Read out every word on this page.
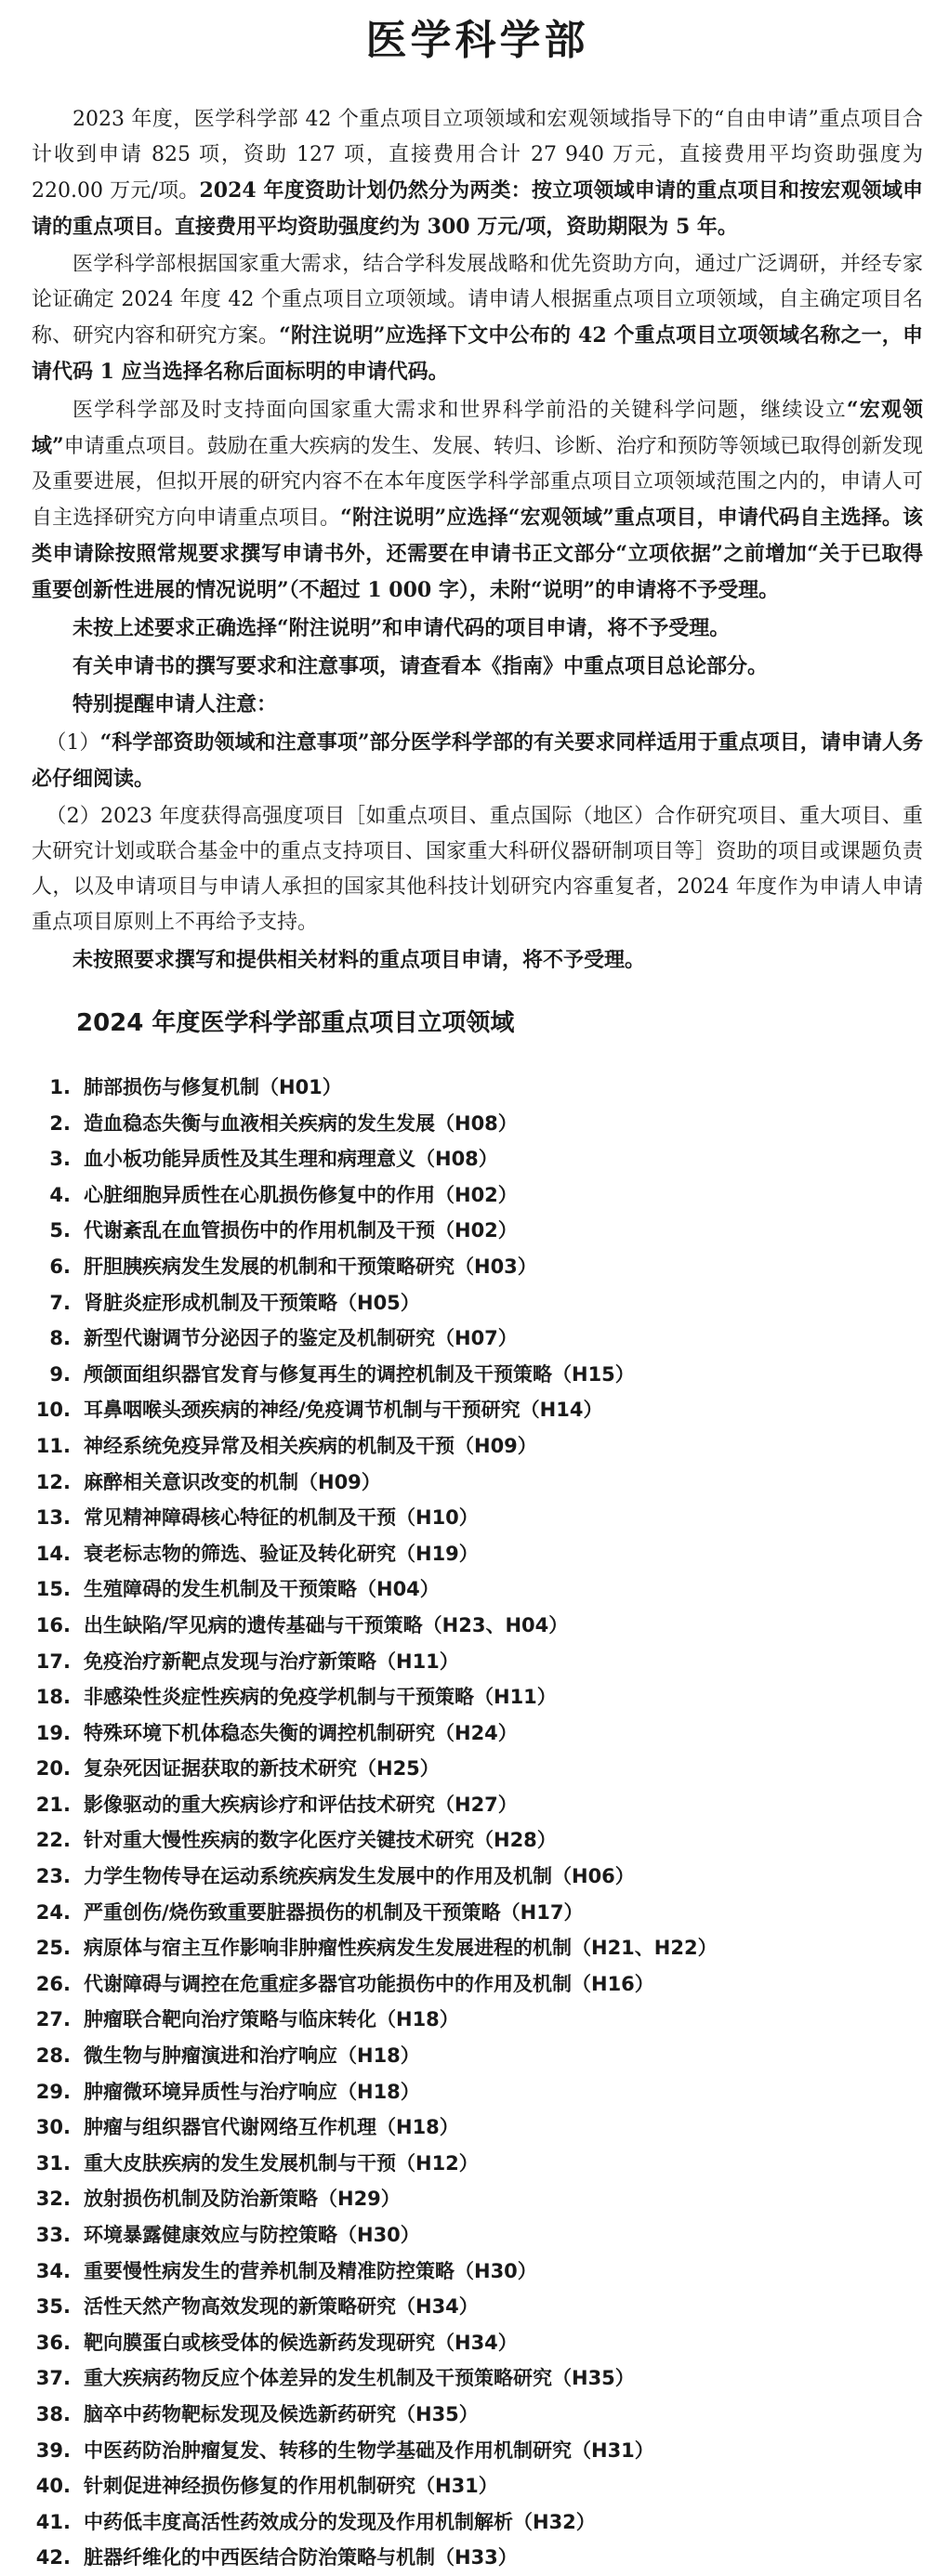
医学科学部

2023 年度，医学科学部 42 个重点项目立项领域和宏观领域指导下的“自由申请”重点项目合计收到申请 825 项，资助 127 项，直接费用合计 27 940 万元，直接费用平均资助强度为 220.00 万元/项。2024 年度资助计划仍然分为两类：按立项领域申请的重点项目和按宏观领域申请的重点项目。直接费用平均资助强度约为 300 万元/项，资助期限为 5 年。

医学科学部根据国家重大需求，结合学科发展战略和优先资助方向，通过广泛调研，并经专家论证确定 2024 年度 42 个重点项目立项领域。请申请人根据重点项目立项领域，自主确定项目名称、研究内容和研究方案。“附注说明”应选择下文中公布的 42 个重点项目立项领域名称之一，申请代码 1 应当选择名称后面标明的申请代码。

医学科学部及时支持面向国家重大需求和世界科学前沿的关键科学问题，继续设立“宏观领域”申请重点项目。鼓励在重大疾病的发生、发展、转归、诊断、治疗和预防等领域已取得创新发现及重要进展，但拟开展的研究内容不在本年度医学科学部重点项目立项领域范围之内的，申请人可自主选择研究方向申请重点项目。“附注说明”应选择“宏观领域”重点项目，申请代码自主选择。该类申请除按照常规要求撰写申请书外，还需要在申请书正文部分“立项依据”之前增加“关于已取得重要创新性进展的情况说明”（不超过 1 000 字），未附“说明”的申请将不予受理。

未按上述要求正确选择“附注说明”和申请代码的项目申请，将不予受理。

有关申请书的撰写要求和注意事项，请查看本《指南》中重点项目总论部分。

特别提醒申请人注意：

（1）“科学部资助领域和注意事项”部分医学科学部的有关要求同样适用于重点项目，请申请人务必仔细阅读。

（2）2023 年度获得高强度项目［如重点项目、重点国际（地区）合作研究项目、重大项目、重大研究计划或联合基金中的重点支持项目、国家重大科研仪器研制项目等］资助的项目或课题负责人，以及申请项目与申请人承担的国家其他科技计划研究内容重复者，2024 年度作为申请人申请重点项目原则上不再给予支持。

未按照要求撰写和提供相关材料的重点项目申请，将不予受理。

2024 年度医学科学部重点项目立项领域
1. 肺部损伤与修复机制（H01）
2. 造血稳态失衡与血液相关疾病的发生发展（H08）
3. 血小板功能异质性及其生理和病理意义（H08）
4. 心脏细胞异质性在心肌损伤修复中的作用（H02）
5. 代谢紊乱在血管损伤中的作用机制及干预（H02）
6. 肝胆胰疾病发生发展的机制和干预策略研究（H03）
7. 肾脏炎症形成机制及干预策略（H05）
8. 新型代谢调节分泌因子的鉴定及机制研究（H07）
9. 颅颌面组织器官发育与修复再生的调控机制及干预策略（H15）
10. 耳鼻咽喉头颈疾病的神经/免疫调节机制与干预研究（H14）
11. 神经系统免疫异常及相关疾病的机制及干预（H09）
12. 麻醉相关意识改变的机制（H09）
13. 常见精神障碍核心特征的机制及干预（H10）
14. 衰老标志物的筛选、验证及转化研究（H19）
15. 生殖障碍的发生机制及干预策略（H04）
16. 出生缺陷/罕见病的遗传基础与干预策略（H23、H04）
17. 免疫治疗新靶点发现与治疗新策略（H11）
18. 非感染性炎症性疾病的免疫学机制与干预策略（H11）
19. 特殊环境下机体稳态失衡的调控机制研究（H24）
20. 复杂死因证据获取的新技术研究（H25）
21. 影像驱动的重大疾病诊疗和评估技术研究（H27）
22. 针对重大慢性疾病的数字化医疗关键技术研究（H28）
23. 力学生物传导在运动系统疾病发生发展中的作用及机制（H06）
24. 严重创伤/烧伤致重要脏器损伤的机制及干预策略（H17）
25. 病原体与宿主互作影响非肿瘤性疾病发生发展进程的机制（H21、H22）
26. 代谢障碍与调控在危重症多器官功能损伤中的作用及机制（H16）
27. 肿瘤联合靶向治疗策略与临床转化（H18）
28. 微生物与肿瘤演进和治疗响应（H18）
29. 肿瘤微环境异质性与治疗响应（H18）
30. 肿瘤与组织器官代谢网络互作机理（H18）
31. 重大皮肤疾病的发生发展机制与干预（H12）
32. 放射损伤机制及防治新策略（H29）
33. 环境暴露健康效应与防控策略（H30）
34. 重要慢性病发生的营养机制及精准防控策略（H30）
35. 活性天然产物高效发现的新策略研究（H34）
36. 靶向膜蛋白或核受体的候选新药发现研究（H34）
37. 重大疾病药物反应个体差异的发生机制及干预策略研究（H35）
38. 脑卒中药物靶标发现及候选新药研究（H35）
39. 中医药防治肿瘤复发、转移的生物学基础及作用机制研究（H31）
40. 针刺促进神经损伤修复的作用机制研究（H31）
41. 中药低丰度高活性药效成分的发现及作用机制解析（H32）
42. 脏器纤维化的中西医结合防治策略与机制（H33）
